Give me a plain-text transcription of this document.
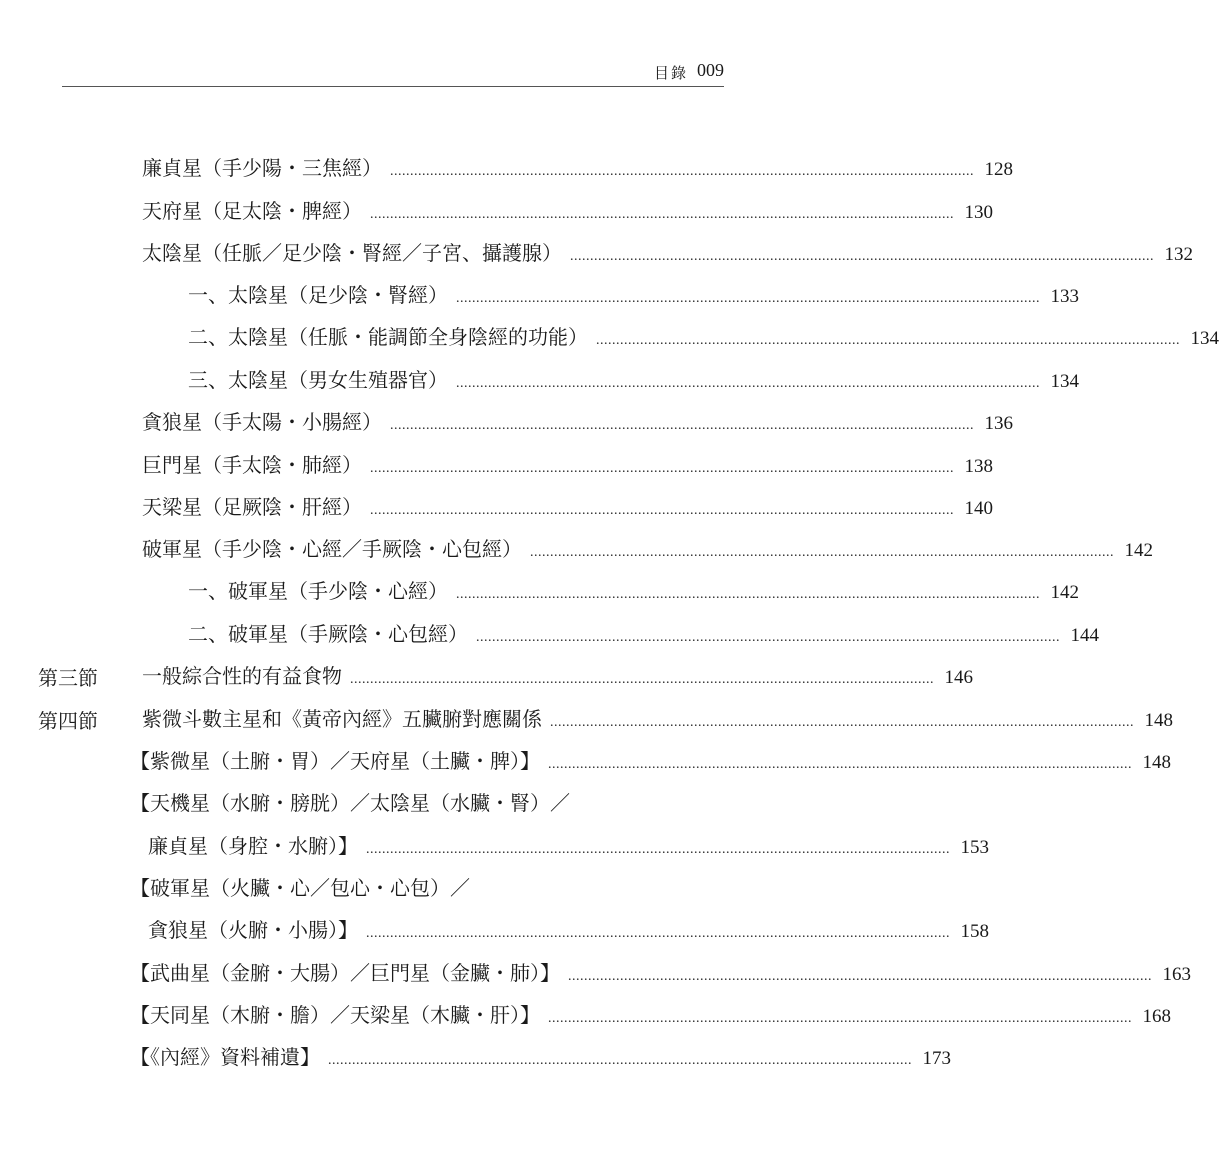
目錄 009
廉貞星（手少陽・三焦經） .................................................................................................................................................. 128
天府星（足太陰・脾經） .................................................................................................................................................. 130
太陰星（任脈／足少陰・腎經／子宮、攝護腺） .................................................................................................................................................. 132
一、太陰星（足少陰・腎經） .................................................................................................................................................. 133
二、太陰星（任脈・能調節全身陰經的功能） .................................................................................................................................................. 134
三、太陰星（男女生殖器官） .................................................................................................................................................. 134
貪狼星（手太陽・小腸經） .................................................................................................................................................. 136
巨門星（手太陰・肺經） .................................................................................................................................................. 138
天梁星（足厥陰・肝經） .................................................................................................................................................. 140
破軍星（手少陰・心經／手厥陰・心包經） .................................................................................................................................................. 142
一、破軍星（手少陰・心經） .................................................................................................................................................. 142
二、破軍星（手厥陰・心包經） .................................................................................................................................................. 144
第三節 一般綜合性的有益食物 .................................................................................................................................................. 146
第四節 紫微斗數主星和《黃帝內經》五臟腑對應關係 .................................................................................................................................................. 148
【紫微星（土腑・胃）／天府星（土臟・脾）】 .................................................................................................................................................. 148
【天機星（水腑・膀胱）／太陰星（水臟・腎）／
廉貞星（身腔・水腑）】 .................................................................................................................................................. 153
【破軍星（火臟・心／包心・心包）／
貪狼星（火腑・小腸）】 .................................................................................................................................................. 158
【武曲星（金腑・大腸）／巨門星（金臟・肺）】 .................................................................................................................................................. 163
【天同星（木腑・膽）／天梁星（木臟・肝）】 .................................................................................................................................................. 168
【《內經》資料補遺】 .................................................................................................................................................. 173
